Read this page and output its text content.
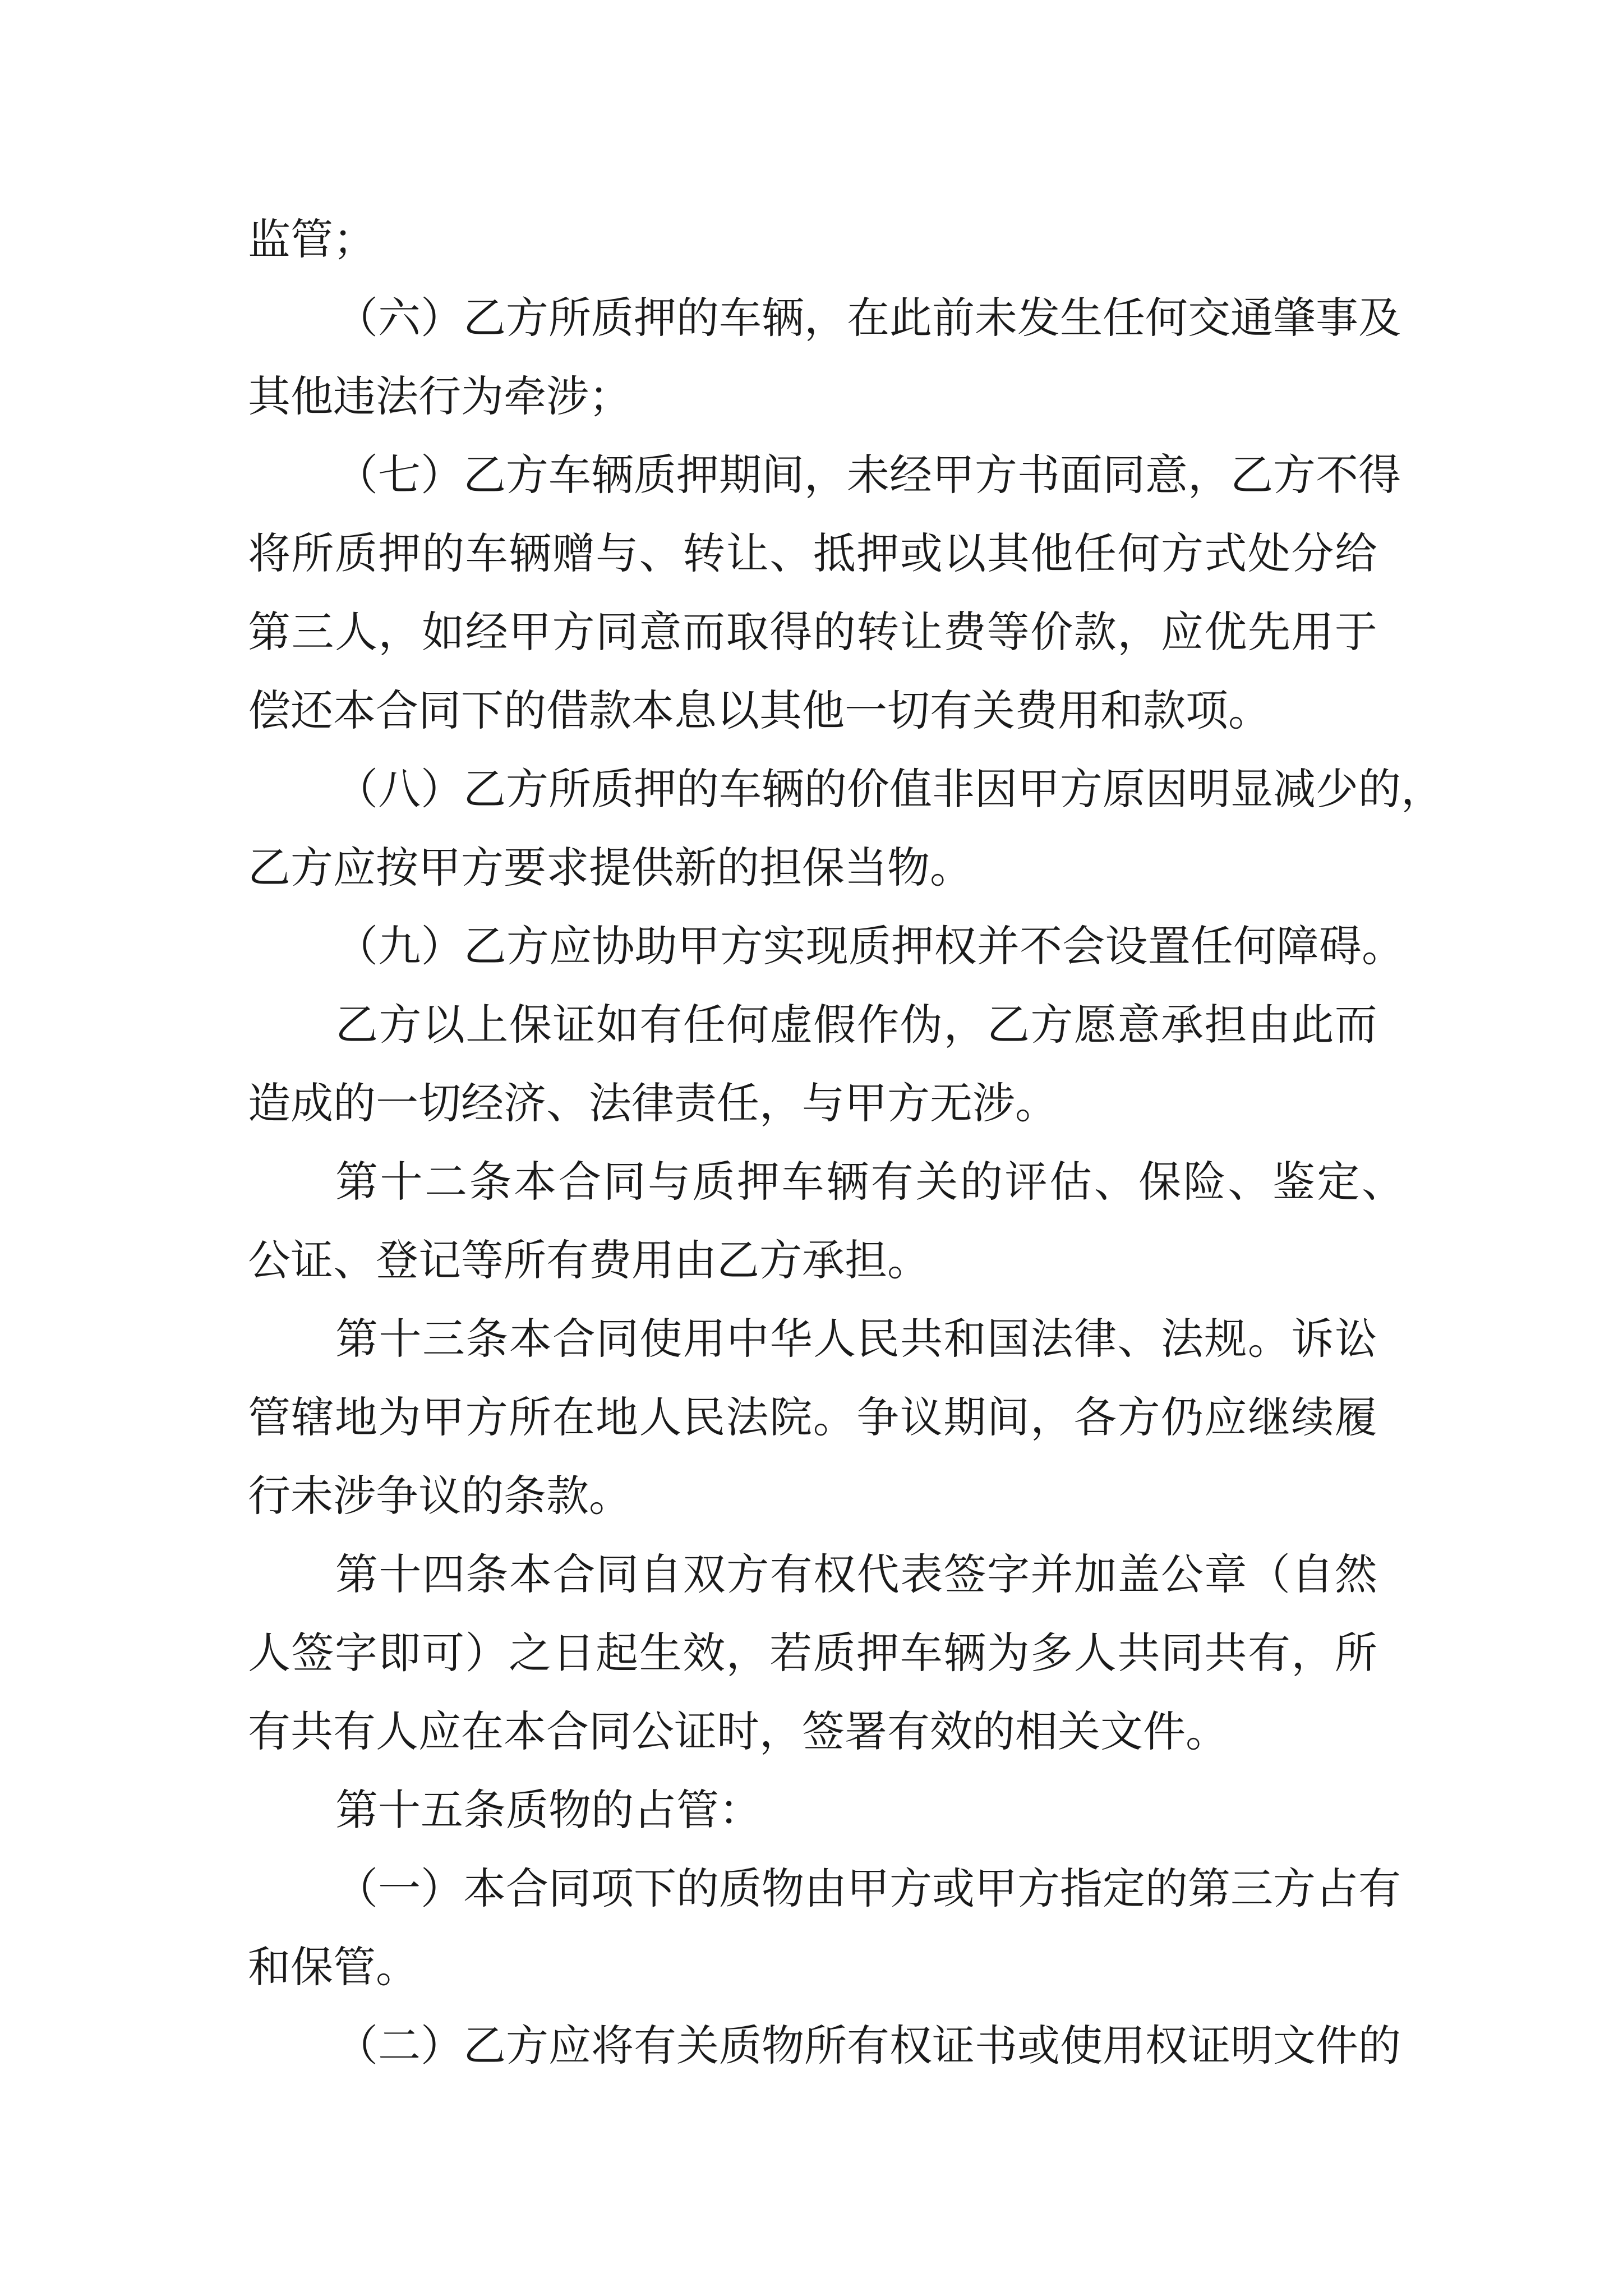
监管；
（ 六 ） 乙 方 所 质 押 的 车 辆 ， 在 此 前 未 发 生 任 何 交 通 肇 事 及
其他违法行为牵涉；
（ 七 ） 乙 方 车 辆 质 押 期 间 ， 未 经 甲 方 书 面 同 意 ， 乙 方 不 得
将 所 质 押 的 车 辆 赠 与 、 转 让 、 抵 押 或 以 其 他 任 何 方 式 处 分 给
第 三 人 ， 如 经 甲 方 同 意 而 取 得 的 转 让 费 等 价 款 ， 应 优 先 用 于
偿还本合同下的借款本息以其他一切有关费用和款项。
（ 八 ） 乙 方 所 质 押 的 车 辆 的 价 值 非 因 甲 方 原 因 明 显 减 少 的 ，
乙方应按甲方要求提供新的担保当物。
（ 九 ） 乙 方 应 协 助 甲 方 实 现 质 押 权 并 不 会 设 置 任 何 障 碍 。
乙 方 以 上 保 证 如 有 任 何 虚 假 作 伪 ， 乙 方 愿 意 承 担 由 此 而
造成的一切经济、法律责任，与甲方无涉。
第 十 二 条 本 合 同 与 质 押 车 辆 有 关 的 评 估 、 保 险 、 鉴 定 、
公证、登记等所有费用由乙方承担。
第 十 三 条 本 合 同 使 用 中 华 人 民 共 和 国 法 律 、 法 规 。 诉 讼
管 辖 地 为 甲 方 所 在 地 人 民 法 院 。 争 议 期 间 ， 各 方 仍 应 继 续 履
行未涉争议的条款。
第 十 四 条 本 合 同 自 双 方 有 权 代 表 签 字 并 加 盖 公 章 （ 自 然
人 签 字 即 可 ） 之 日 起 生 效 ， 若 质 押 车 辆 为 多 人 共 同 共 有 ， 所
有共有人应在本合同公证时，签署有效的相关文件。
第十五条质物的占管：
（ 一 ） 本 合 同 项 下 的 质 物 由 甲 方 或 甲 方 指 定 的 第 三 方 占 有
和保管。
（ 二 ） 乙 方 应 将 有 关 质 物 所 有 权 证 书 或 使 用 权 证 明 文 件 的
